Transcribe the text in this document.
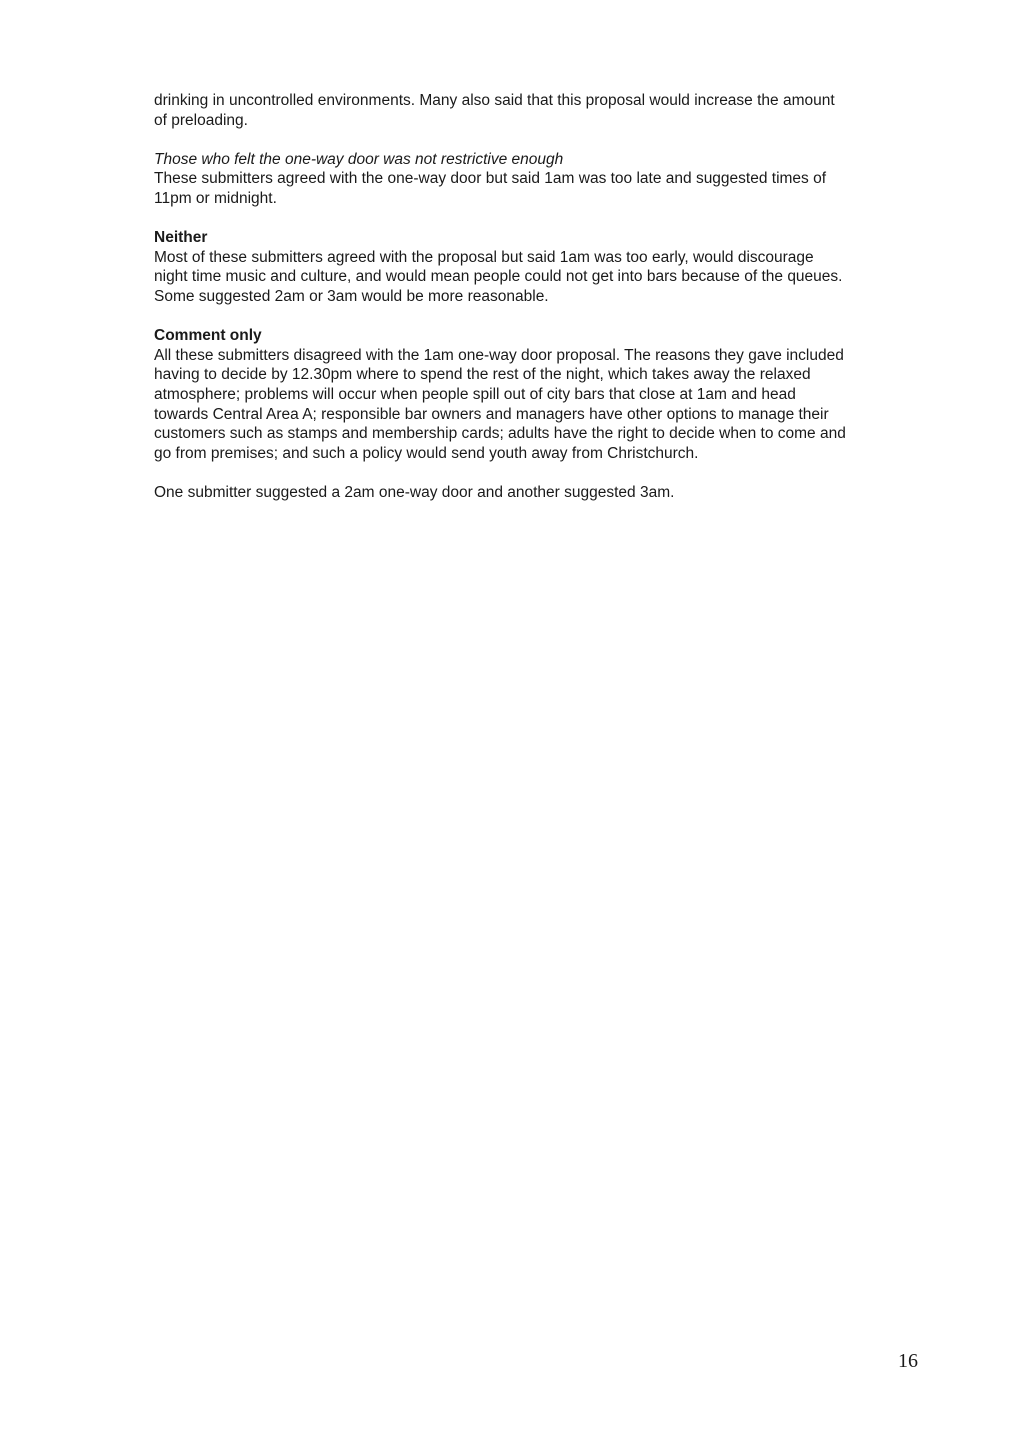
drinking in uncontrolled environments. Many also said that this proposal would increase the amount
of preloading.
Those who felt the one-way door was not restrictive enough
These submitters agreed with the one-way door but said 1am was too late and suggested times of
11pm or midnight.
Neither
Most of these submitters agreed with the proposal but said 1am was too early, would discourage
night time music and culture, and would mean people could not get into bars because of the queues.
Some suggested 2am or 3am would be more reasonable.
Comment only
All these submitters disagreed with the 1am one-way door proposal. The reasons they gave included
having to decide by 12.30pm where to spend the rest of the night, which takes away the relaxed
atmosphere; problems will occur when people spill out of city bars that close at 1am and head
towards Central Area A; responsible bar owners and managers have other options to manage their
customers such as stamps and membership cards; adults have the right to decide when to come and
go from premises; and such a policy would send youth away from Christchurch.
One submitter suggested a 2am one-way door and another suggested 3am.
16
